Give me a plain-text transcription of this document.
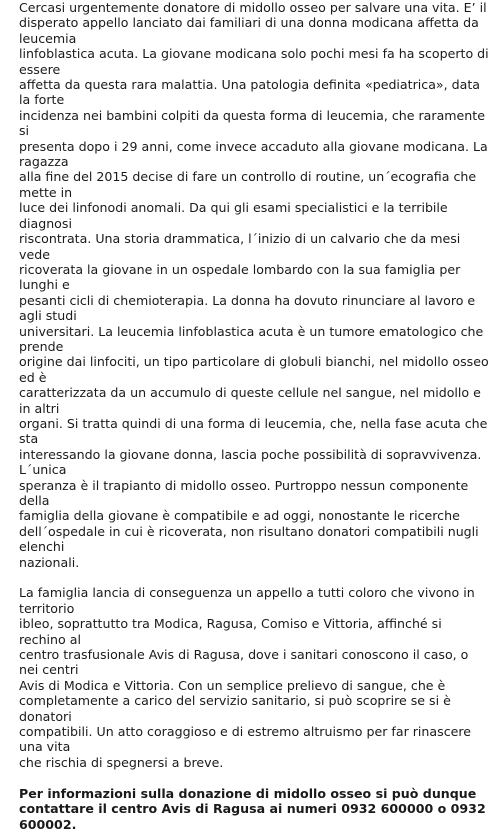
Cercasi urgentemente donatore di midollo osseo per salvare una vita. E’ il
disperato appello lanciato dai familiari di una donna modicana affetta da leucemia
linfoblastica acuta. La giovane modicana solo pochi mesi fa ha scoperto di essere
affetta da questa rara malattia. Una patologia definita «pediatrica», data la forte
incidenza nei bambini colpiti da questa forma di leucemia, che raramente si
presenta dopo i 29 anni, come invece accaduto alla giovane modicana. La ragazza
alla fine del 2015 decise di fare un controllo di routine, un´ecografia che mette in
luce dei linfonodi anomali. Da qui gli esami specialistici e la terribile diagnosi
riscontrata. Una storia drammatica, l´inizio di un calvario che da mesi vede
ricoverata la giovane in un ospedale lombardo con la sua famiglia per lunghi e
pesanti cicli di chemioterapia. La donna ha dovuto rinunciare al lavoro e agli studi
universitari. La leucemia linfoblastica acuta è un tumore ematologico che prende
origine dai linfociti, un tipo particolare di globuli bianchi, nel midollo osseo ed è
caratterizzata da un accumulo di queste cellule nel sangue, nel midollo e in altri
organi. Si tratta quindi di una forma di leucemia, che, nella fase acuta che sta
interessando la giovane donna, lascia poche possibilità di sopravvivenza. L´unica
speranza è il trapianto di midollo osseo. Purtroppo nessun componente della
famiglia della giovane è compatibile e ad oggi, nonostante le ricerche
dell´ospedale in cui è ricoverata, non risultano donatori compatibili nugli elenchi
nazionali.

La famiglia lancia di conseguenza un appello a tutti coloro che vivono in territorio
ibleo, soprattutto tra Modica, Ragusa, Comiso e Vittoria, affinché si rechino al
centro trasfusionale Avis di Ragusa, dove i sanitari conoscono il caso, o nei centri
Avis di Modica e Vittoria. Con un semplice prelievo di sangue, che è
completamente a carico del servizio sanitario, si può scoprire se si è donatori
compatibili. Un atto coraggioso e di estremo altruismo per far rinascere una vita
che rischia di spegnersi a breve.

Per informazioni sulla donazione di midollo osseo si può dunque
contattare il centro Avis di Ragusa ai numeri 0932 600000 o 0932
600002.
